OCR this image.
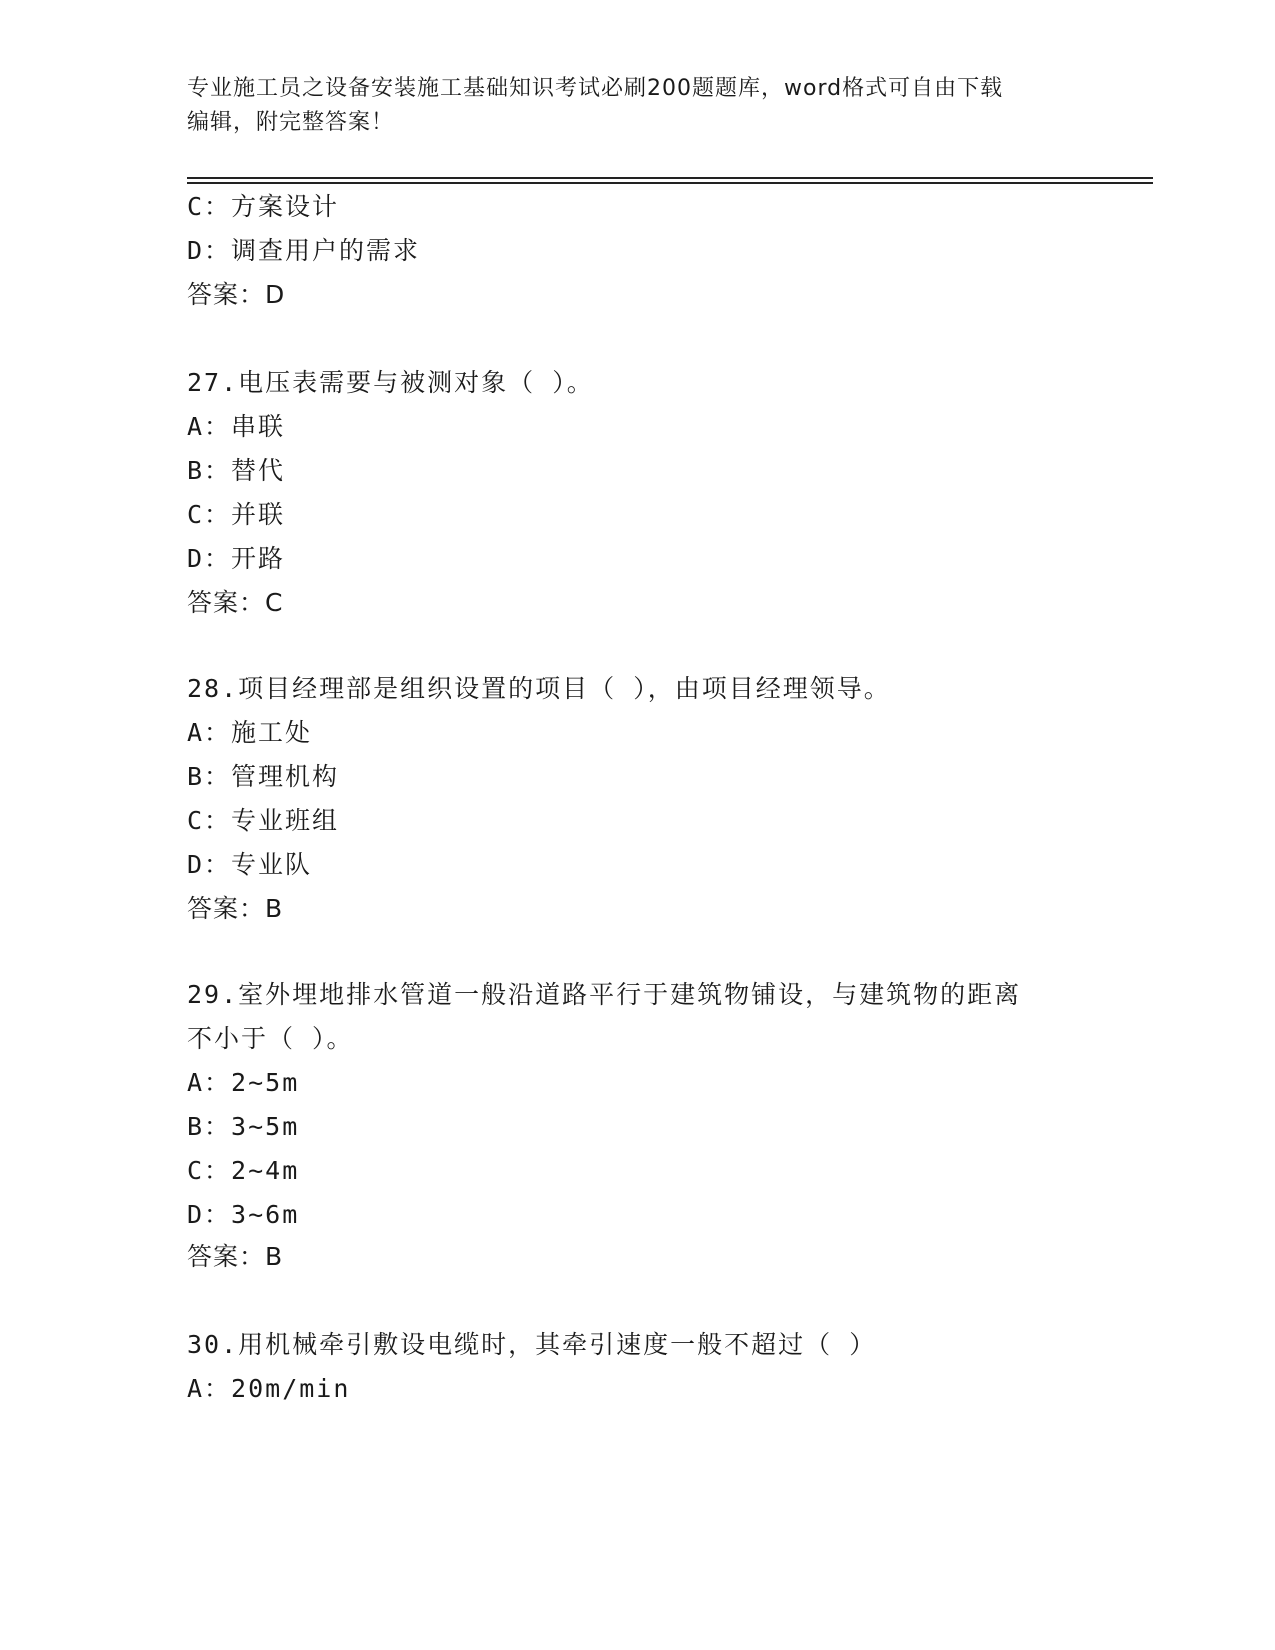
专业施工员之设备安装施工基础知识考试必刷200题题库，word格式可自由下载
编辑，附完整答案！
C：方案设计
D：调查用户的需求
答案：D
27.电压表需要与被测对象（ ）。
A：串联
B：替代
C：并联
D：开路
答案：C
28.项目经理部是组织设置的项目（ ），由项目经理领导。
A：施工处
B：管理机构
C：专业班组
D：专业队
答案：B
29.室外埋地排水管道一般沿道路平行于建筑物铺设，与建筑物的距离
不小于（ ）。
A：2~5m
B：3~5m
C：2~4m
D：3~6m
答案：B
30.用机械牵引敷设电缆时，其牵引速度一般不超过（ ）
A：20m/min
